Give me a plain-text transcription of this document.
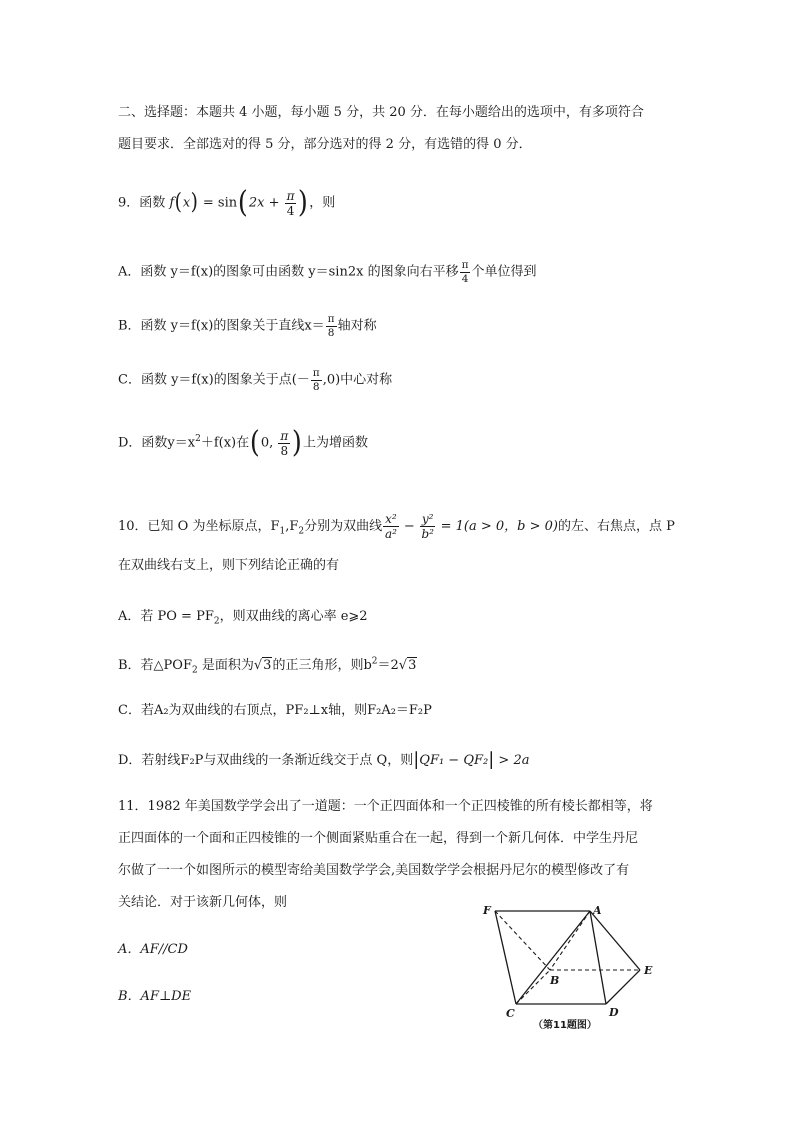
二、选择题：本题共 4 小题，每小题 5 分，共 20 分．在每小题给出的选项中，有多项符合
题目要求．全部选对的得 5 分，部分选对的得 2 分，有选错的得 0 分．
9．函数 $f(x) = \sin(2x + \frac{\pi}{4}$ )，则
A．函数 y＝f(x)的图象可由函数 y＝sin2x 的图象向右平移 $\frac{\pi}{4}$ 个单位得到
B．函数 y＝f(x)的图象关于直线$x= \frac{\pi}{8}$ 轴对称
C．函数 y＝f(x)的图象关于点(－ $\frac{\pi}{8} ,0$)中心对称
D．函数$y=x^2+f(x)$在(0, $\frac{\pi}{8}$ )上为增函数
10．已知 O 为坐标原点，$F_1,F_2$分别为双曲线 $\frac{\text{x²}}{\text{a²}} - \frac{\text{y²}}{\text{b²}} = 1(a > 0$，b > 0)的左、右焦点，点 P
在双曲线右支上，则下列结论正确的有
A．若 PO = $PF_2$，则双曲线的离心率 e⩾2
B．若$\triangle POF_2$ 是面积为√3的正三角形，则$b^2=2√3$
C．若A₂为双曲线的右顶点，PF₂⊥x轴，则F₂A₂＝F₂P
D．若射线F₂P与双曲线的一条渐近线交于点 Q，则|QF₁ − QF₂| > 2a
11．1982 年美国数学学会出了一道题：一个正四面体和一个正四棱锥的所有棱长都相等，将
正四面体的一个面和正四棱锥的一个侧面紧贴重合在一起，得到一个新几何体．中学生丹尼
尔做了一一个如图所示的模型寄给美国数学学会,美国数学学会根据丹尼尔的模型修改了有
关结论．对于该新几何体，则
A．AF//CD
B．AF⊥DE
F	A
B
C	D
E
（第11题图）
